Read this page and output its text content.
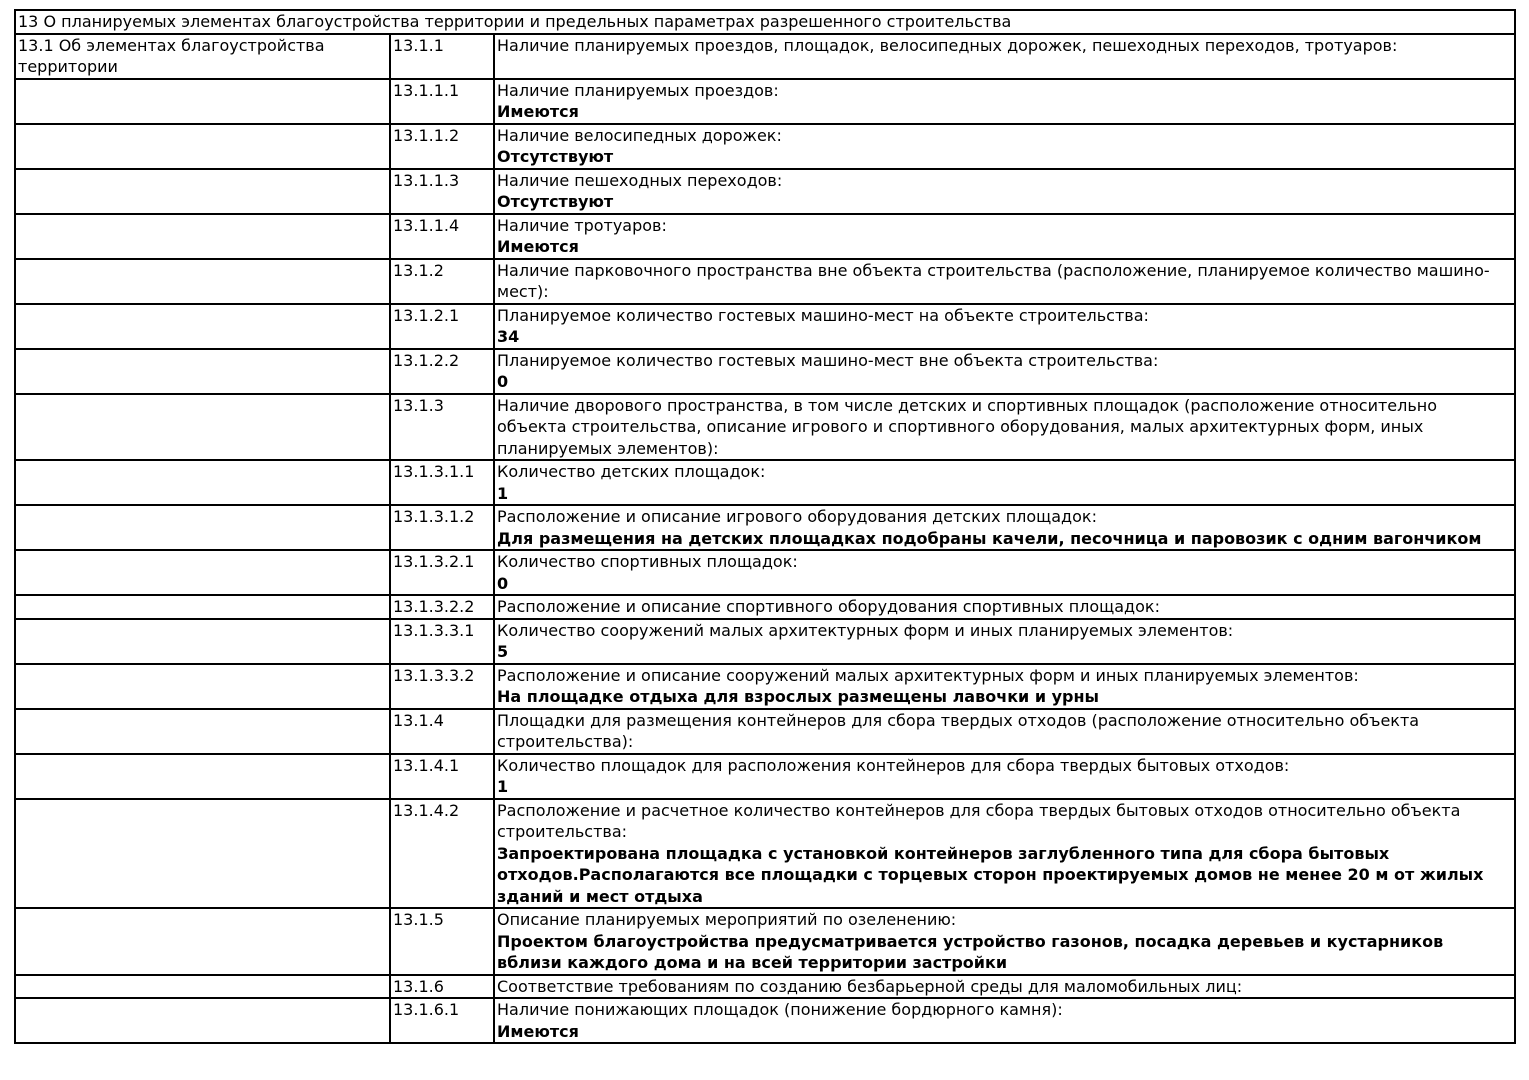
13 О планируемых элементах благоустройства территории и предельных параметрах разрешенного строительства		
13.1 Об элементах благоустройства территории	13.1.1	Наличие планируемых проездов, площадок, велосипедных дорожек, пешеходных переходов, тротуаров:

	13.1.1.1	Наличие планируемых проездов:
Имеются

	13.1.1.2	Наличие велосипедных дорожек:
Отсутствуют

	13.1.1.3	Наличие пешеходных переходов:
Отсутствуют

	13.1.1.4	Наличие тротуаров:
Имеются

	13.1.2	Наличие парковочного пространства вне объекта строительства (расположение, планируемое количество машино-мест):

	13.1.2.1	Планируемое количество гостевых машино-мест на объекте строительства:
34

	13.1.2.2	Планируемое количество гостевых машино-мест вне объекта строительства:
0

	13.1.3	Наличие дворового пространства, в том числе детских и спортивных площадок (расположение относительно объекта строительства, описание игрового и спортивного оборудования, малых архитектурных форм, иных планируемых элементов):

	13.1.3.1.1	Количество детских площадок:
1

	13.1.3.1.2	Расположение и описание игрового оборудования детских площадок:
Для размещения на детских площадках подобраны качели, песочница и паровозик с одним вагончиком

	13.1.3.2.1	Количество спортивных площадок:
0

	13.1.3.2.2	Расположение и описание спортивного оборудования спортивных площадок:

	13.1.3.3.1	Количество сооружений малых архитектурных форм и иных планируемых элементов:
5

	13.1.3.3.2	Расположение и описание сооружений малых архитектурных форм и иных планируемых элементов:
На площадке отдыха для взрослых размещены лавочки и урны

	13.1.4	Площадки для размещения контейнеров для сбора твердых отходов (расположение относительно объекта строительства):

	13.1.4.1	Количество площадок для расположения контейнеров для сбора твердых бытовых отходов:
1

	13.1.4.2	Расположение и расчетное количество контейнеров для сбора твердых бытовых отходов относительно объекта строительства:
Запроектирована площадка с установкой контейнеров заглубленного типа для сбора бытовых отходов.Располагаются все площадки с торцевых сторон проектируемых домов не менее 20 м от жилых зданий и мест отдыха

	13.1.5	Описание планируемых мероприятий по озеленению:
Проектом благоустройства предусматривается устройство газонов, посадка деревьев и кустарников вблизи каждого дома и на всей территории застройки

	13.1.6	Соответствие требованиям по созданию безбарьерной среды для маломобильных лиц:

	13.1.6.1	Наличие понижающих площадок (понижение бордюрного камня):
Имеются
